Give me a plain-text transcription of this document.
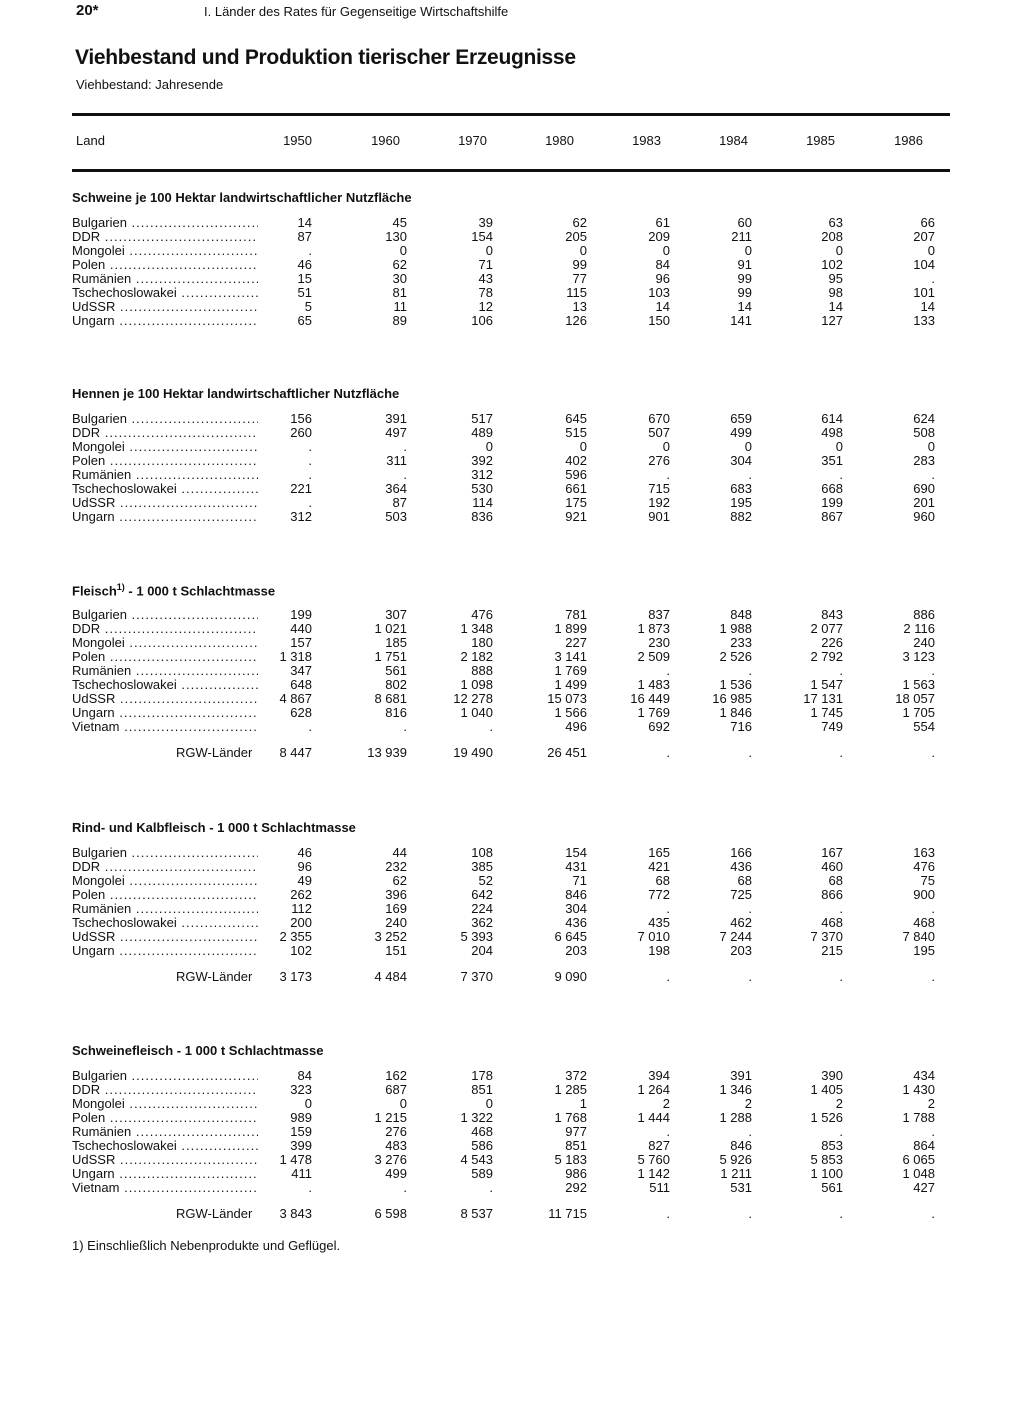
20*	I. Länder des Rates für Gegenseitige Wirtschaftshilfe
Viehbestand und Produktion tierischer Erzeugnisse
Viehbestand: Jahresende
Land	1950	1960	1970	1980	1983	1984	1985	1986
Schweine je 100 Hektar landwirtschaftlicher Nutzfläche
Bulgarien .....	14	45	39	62	61	60	63	66
DDR .....	87	130	154	205	209	211	208	207
Mongolei .....	.	0	0	0	0	0	0	0
Polen .....	46	62	71	99	84	91	102	104
Rumänien .....	15	30	43	77	96	99	95	.
Tschechoslowakei .....	51	81	78	115	103	99	98	101
UdSSR .....	5	11	12	13	14	14	14	14
Ungarn .....	65	89	106	126	150	141	127	133
Hennen je 100 Hektar landwirtschaftlicher Nutzfläche
Bulgarien .....	156	391	517	645	670	659	614	624
DDR .....	260	497	489	515	507	499	498	508
Mongolei .....	.	.	0	0	0	0	0	0
Polen .....	.	311	392	402	276	304	351	283
Rumänien .....	.	.	312	596	.	.	.	.
Tschechoslowakei .....	221	364	530	661	715	683	668	690
UdSSR .....	.	87	114	175	192	195	199	201
Ungarn .....	312	503	836	921	901	882	867	960
Fleisch$^{1)}$ - 1 000 t Schlachtmasse
Bulgarien .....	199	307	476	781	837	848	843	886
DDR .....	440	1 021	1 348	1 899	1 873	1 988	2 077	2 116
Mongolei .....	157	185	180	227	230	233	226	240
Polen .....	1 318	1 751	2 182	3 141	2 509	2 526	2 792	3 123
Rumänien .....	347	561	888	1 769	.	.	.	.
Tschechoslowakei .....	648	802	1 098	1 499	1 483	1 536	1 547	1 563
UdSSR .....	4 867	8 681	12 278	15 073	16 449	16 985	17 131	18 057
Ungarn .....	628	816	1 040	1 566	1 769	1 846	1 745	1 705
Vietnam .....	.	.	.	496	692	716	749	554
RGW-Länder	8 447	13 939	19 490	26 451	.	.	.	.
Rind- und Kalbfleisch - 1 000 t Schlachtmasse
Bulgarien .....	46	44	108	154	165	166	167	163
DDR .....	96	232	385	431	421	436	460	476
Mongolei .....	49	62	52	71	68	68	68	75
Polen .....	262	396	642	846	772	725	866	900
Rumänien .....	112	169	224	304	.	.	.	.
Tschechoslowakei .....	200	240	362	436	435	462	468	468
UdSSR .....	2 355	3 252	5 393	6 645	7 010	7 244	7 370	7 840
Ungarn .....	102	151	204	203	198	203	215	195
RGW-Länder	3 173	4 484	7 370	9 090	.	.	.	.
Schweinefleisch - 1 000 t Schlachtmasse
Bulgarien .....	84	162	178	372	394	391	390	434
DDR .....	323	687	851	1 285	1 264	1 346	1 405	1 430
Mongolei .....	0	0	0	1	2	2	2	2
Polen .....	989	1 215	1 322	1 768	1 444	1 288	1 526	1 788
Rumänien .....	159	276	468	977	.	.	.	.
Tschechoslowakei .....	399	483	586	851	827	846	853	864
UdSSR .....	1 478	3 276	4 543	5 183	5 760	5 926	5 853	6 065
Ungarn .....	411	499	589	986	1 142	1 211	1 100	1 048
Vietnam .....	.	.	.	292	511	531	561	427
RGW-Länder	3 843	6 598	8 537	11 715	.	.	.	.
1) Einschließlich Nebenprodukte und Geflügel.
